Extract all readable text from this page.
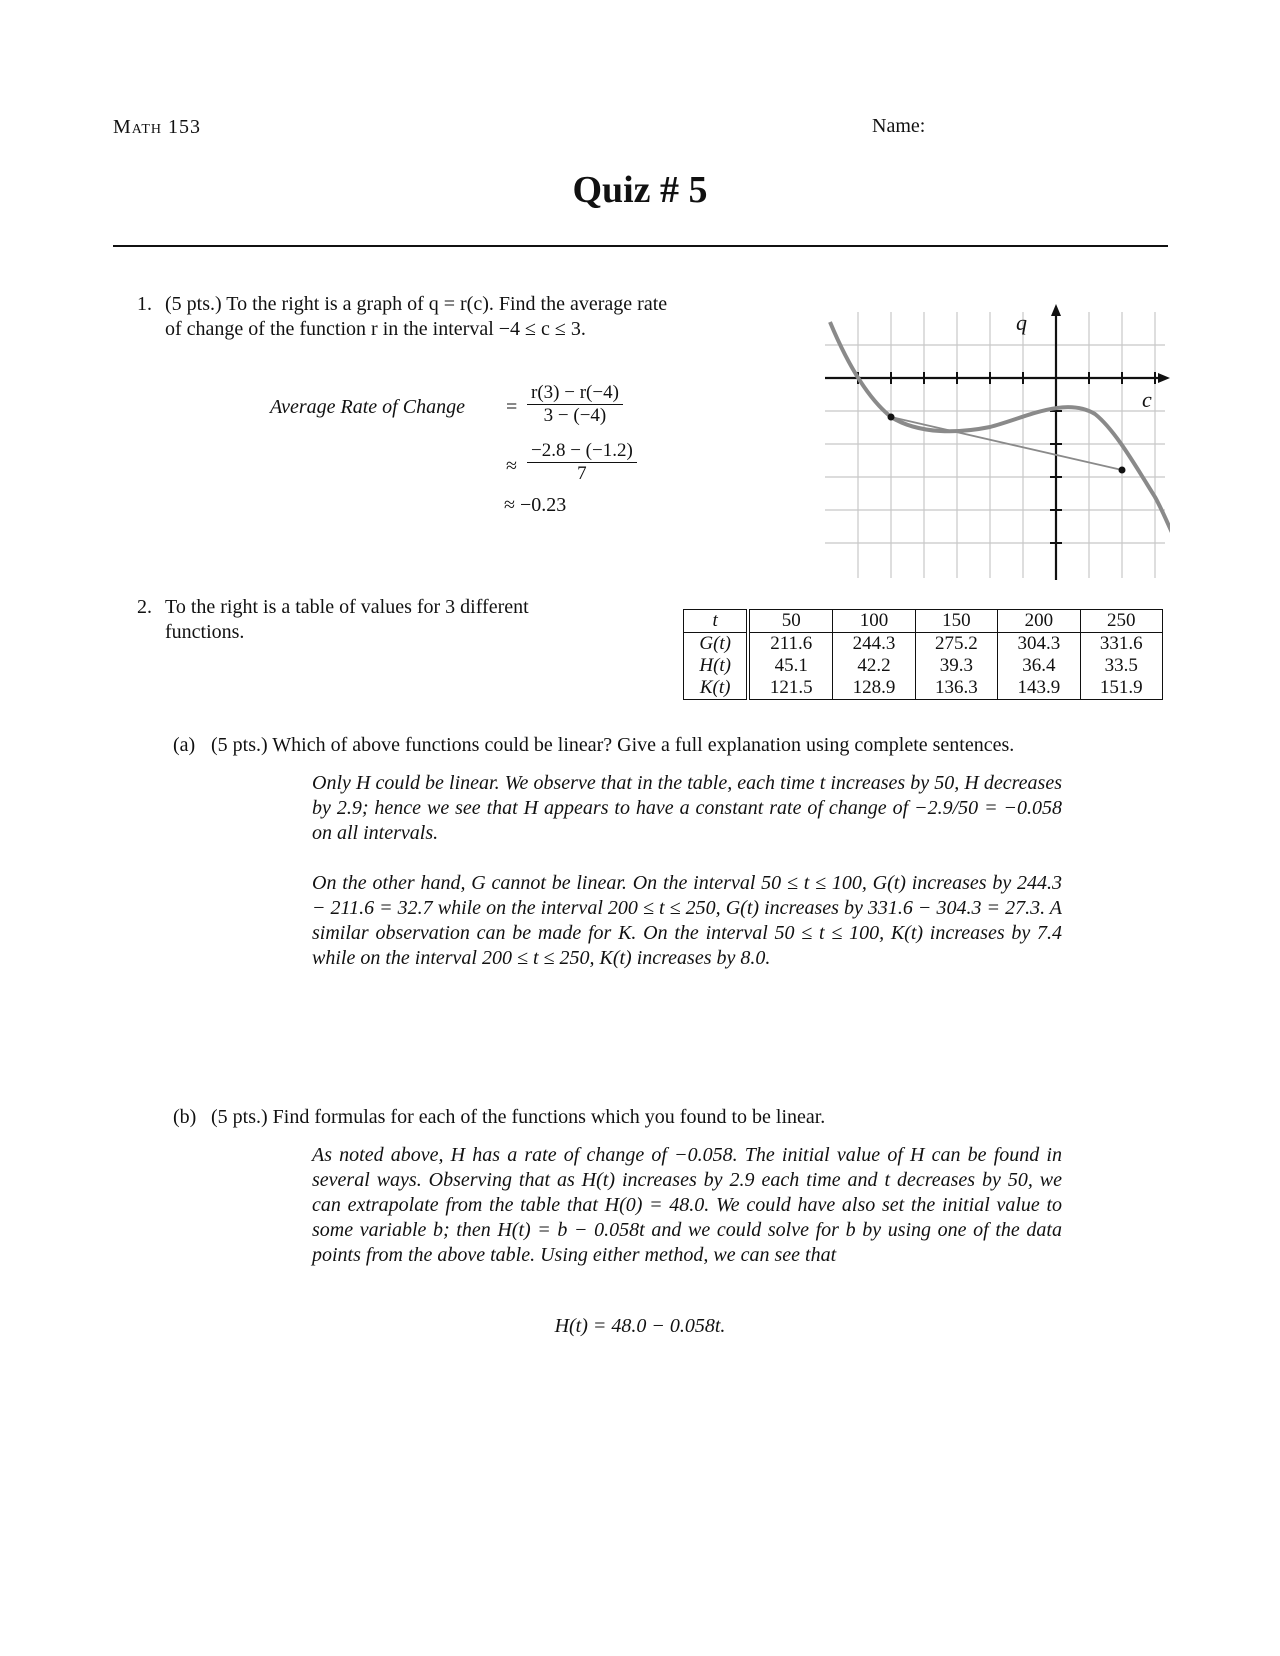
Math 153	Name:
Quiz # 5
1. (5 pts.) To the right is a graph of q = r(c). Find the average rate
of change of the function r in the interval −4 ≤ c ≤ 3.
Average Rate of Change = $\frac{r(3) - r(-4)}{3 - (-4)}$
≈ $\frac{-2.8 - (-1.2)}{7}$
≈ −0.23
q
c
2. To the right is a table of values for 3 different
functions.
t	50	100	150	200	250
G(t)	211.6	244.3	275.2	304.3	331.6
H(t)	45.1	42.2	39.3	36.4	33.5
K(t)	121.5	128.9	136.3	143.9	151.9
(a) (5 pts.) Which of above functions could be linear? Give a full explanation using complete sentences.
Only H could be linear. We observe that in the table, each time t increases by 50, H decreases by 2.9; hence we see that H appears to have a constant rate of change of −2.9/50 = −0.058 on all intervals.
On the other hand, G cannot be linear. On the interval 50 ≤ t ≤ 100, G(t) increases by 244.3 − 211.6 = 32.7 while on the interval 200 ≤ t ≤ 250, G(t) increases by 331.6 − 304.3 = 27.3. A similar observation can be made for K. On the interval 50 ≤ t ≤ 100, K(t) increases by 7.4 while on the interval 200 ≤ t ≤ 250, K(t) increases by 8.0.
(b) (5 pts.) Find formulas for each of the functions which you found to be linear.
As noted above, H has a rate of change of −0.058. The initial value of H can be found in several ways. Observing that as H(t) increases by 2.9 each time and t decreases by 50, we can extrapolate from the table that H(0) = 48.0. We could have also set the initial value to some variable b; then H(t) = b − 0.058t and we could solve for b by using one of the data points from the above table. Using either method, we can see that
H(t) = 48.0 − 0.058t.
